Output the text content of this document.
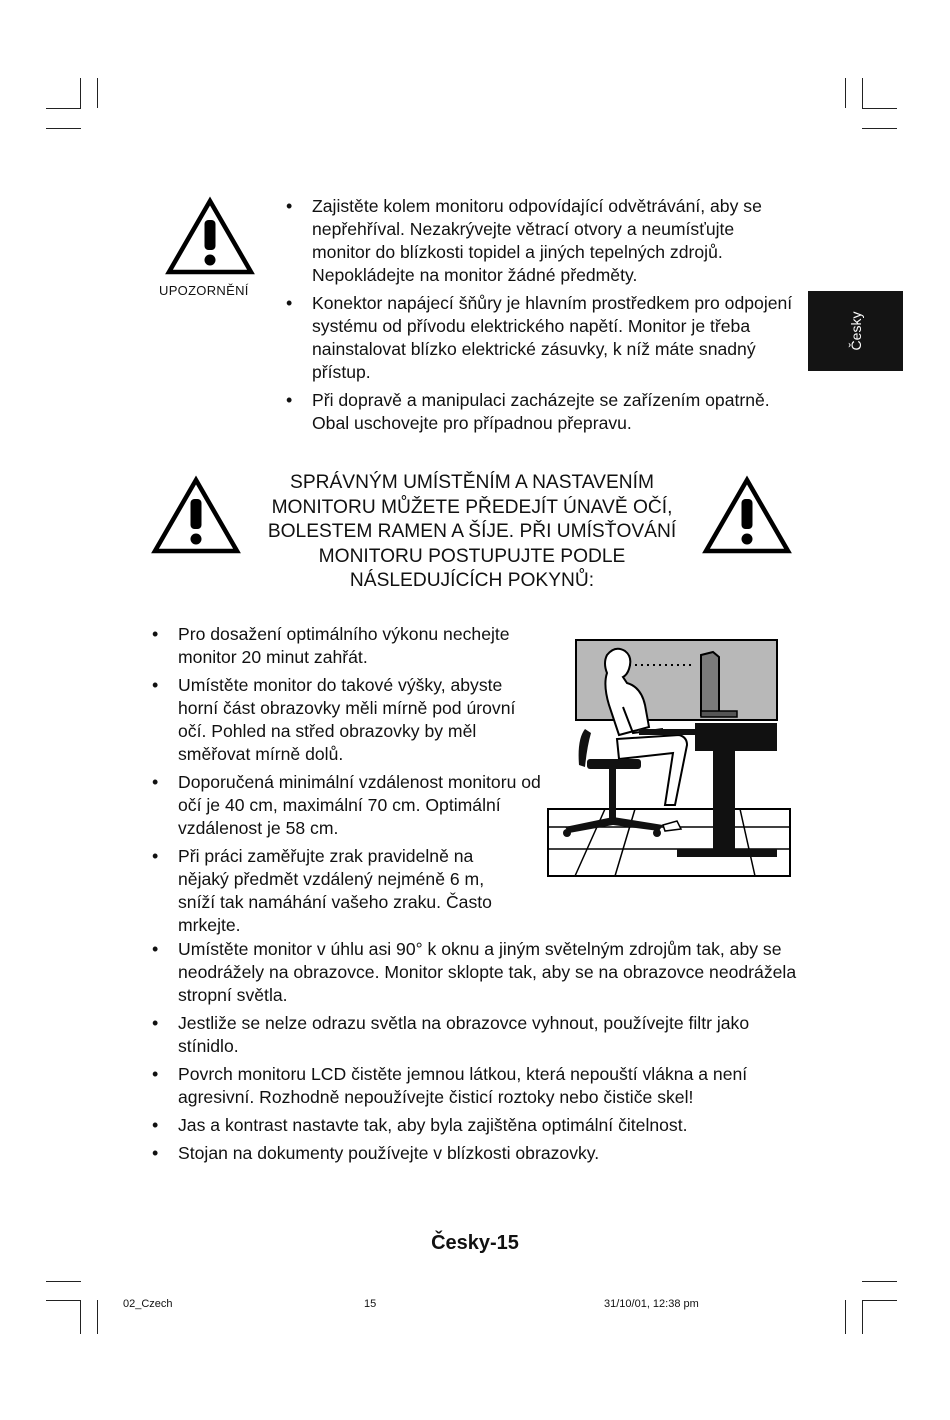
Česky
UPOZORNĚNÍ
• Zajistěte kolem monitoru odpovídající odvětrávání, aby se nepřehříval. Nezakrývejte větrací otvory a neumísťujte monitor do blízkosti topidel a jiných tepelných zdrojů. Nepokládejte na monitor žádné předměty.
• Konektor napájecí šňůry je hlavním prostředkem pro odpojení systému od přívodu elektrického napětí. Monitor je třeba nainstalovat blízko elektrické zásuvky, k níž máte snadný přístup.
• Při dopravě a manipulaci zacházejte se zařízením opatrně. Obal uschovejte pro případnou přepravu.
SPRÁVNÝM UMÍSTĚNÍM A NASTAVENÍM
MONITORU MŮŽETE PŘEDEJÍT ÚNAVĚ OČÍ,
BOLESTEM RAMEN A ŠÍJE. PŘI UMÍSŤOVÁNÍ
MONITORU POSTUPUJTE PODLE
NÁSLEDUJÍCÍCH POKYNŮ:
• Pro dosažení optimálního výkonu nechejte monitor 20 minut zahřát.
• Umístěte monitor do takové výšky, abyste horní část obrazovky měli mírně pod úrovní očí. Pohled na střed obrazovky by měl směřovat mírně dolů.
• Doporučená minimální vzdálenost monitoru od očí je 40 cm, maximální 70 cm. Optimální vzdálenost je 58 cm.
• Při práci zaměřujte zrak pravidelně na nějaký předmět vzdálený nejméně 6 m, sníží tak namáhání vašeho zraku. Často mrkejte.
• Umístěte monitor v úhlu asi 90° k oknu a jiným světelným zdrojům tak, aby se neodrážely na obrazovce. Monitor sklopte tak, aby se na obrazovce neodrážela stropní světla.
• Jestliže se nelze odrazu světla na obrazovce vyhnout, používejte filtr jako stínidlo.
• Povrch monitoru LCD čistěte jemnou látkou, která nepouští vlákna a není agresivní. Rozhodně nepoužívejte čisticí roztoky nebo čističe skel!
• Jas a kontrast nastavte tak, aby byla zajištěna optimální čitelnost.
• Stojan na dokumenty používejte v blízkosti obrazovky.
Česky-15
02_Czech	15	31/10/01, 12:38 pm
